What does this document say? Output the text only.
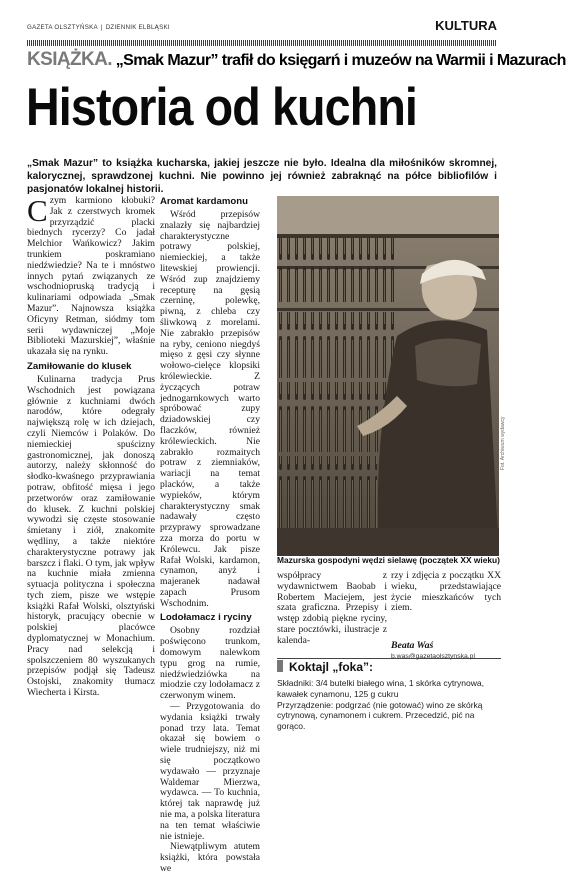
GAZETA OLSZTYŃSKA | DZIENNIK ELBLĄSKI	KULTURA
KSIĄŻKA. „Smak Mazur” trafił do księgarń i muzeów na Warmii i Mazurach
Historia od kuchni
„Smak Mazur” to książka kucharska, jakiej jeszcze nie było. Idealna dla miłośników skromnej, kalorycznej, sprawdzonej kuchni. Nie powinno jej również zabraknąć na półce bibliofilów i pasjonatów lokalnej historii.

Czym karmiono kłobuki? Jak z czerstwych kromek przyrządzić placki biednych rycerzy? Co jadał Melchior Wańkowicz? Jakim trunkiem poskramiano niedźwiedzie? Na te i mnóstwo innych pytań związanych ze wschodniopruską tradycją i kulinariami odpowiada „Smak Mazur”. Najnowsza książka Oficyny Retman, siódmy tom serii wydawniczej „Moje Biblioteki Mazurskiej”, właśnie ukazała się na rynku.

Zamiłowanie do klusek

Kulinarna tradycja Prus Wschodnich jest powiązana głównie z kuchniami dwóch narodów, które odegrały największą rolę w ich dziejach, czyli Niemców i Polaków. Do niemieckiej spuścizny gastronomicznej, jak donoszą autorzy, należy skłonność do słodko-kwaśnego przyprawiania potraw, obfitość mięsa i jego przetworów oraz zamiłowanie do klusek. Z kuchni polskiej wywodzi się częste stosowanie śmietany i ziół, znakomite wędliny, a także niektóre charakterystyczne potrawy jak barszcz i flaki. O tym, jak wpływ na kuchnie miała zmienna sytuacja polityczna i społeczna tych ziem, pisze we wstępie książki Rafał Wolski, olsztyński historyk, pracujący obecnie w polskiej placówce dyplomatycznej w Monachium. Pracy nad selekcją i spolszczeniem 80 wyszukanych przepisów podjął się Tadeusz Ostojski, znakomity tłumacz Wiecherta i Kirsta.

Aromat kardamonu

Wśród przepisów znalazły się najbardziej charakterystyczne potrawy polskiej, niemieckiej, a także litewskiej prowiencji. Wśród zup znajdziemy recepturę na gęsią czerninę, polewkę, piwną, z chleba czy śliwkową z morelami. Nie zabrakło przepisów na ryby, ceniono niegdyś mięso z gęsi czy słynne wołowo-cielęce klopsiki królewieckie. Z życzących potraw jednogarnkowych warto spróbować zupy dziadowskiej czy flaczków, również królewieckich. Nie zabrakło rozmaitych potraw z ziemniaków, wariacji na temat placków, a także wypieków, którym charakterystyczny smak nadawały często przyprawy sprowadzane zza morza do portu w Królewcu. Jak pisze Rafał Wolski, kardamon, cynamon, anyż i majeranek nadawał zapach Prusom Wschodnim.

Lodołamacz i ryciny

Osobny rozdział poświęcono trunkom, domowym nalewkom typu grog na rumie, niedźwiedziówka na miodzie czy lodołamacz z czerwonym winem.

— Przygotowania do wydania książki trwały ponad trzy lata. Temat okazał się bowiem o wiele trudniejszy, niż mi się początkowo wydawało — przyznaje Waldemar Mierzwa, wydawca. — To kuchnia, której tak naprawdę już nie ma, a polska literatura na ten temat właściwie nie istnieje.

Niewątpliwym atutem książki, która powstała we

Fot. Archiwum wydawcy
Mazurska gospodyni wędzi sielawę (początek XX wieku)
współpracy z wydawnictwem Baobab i Robertem Maciejem, jest szata graficzna. Przepisy i wstęp zdobią piękne ryciny, stare pocztówki, ilustracje z kalenda-
rzy i zdjęcia z początku XX wieku, przedstawiające życie mieszkańców tych ziem.
Beata Waś
b.was@gazetaolsztynska.pl
Koktajl „foka”:

Składniki: 3/4 butelki białego wina, 1 skórka cytrynowa, kawałek cynamonu, 125 g cukru

Przyrządzenie: podgrzać (nie gotować) wino ze skórką cytrynową, cynamonem i cukrem. Przecedzić, pić na gorąco.
